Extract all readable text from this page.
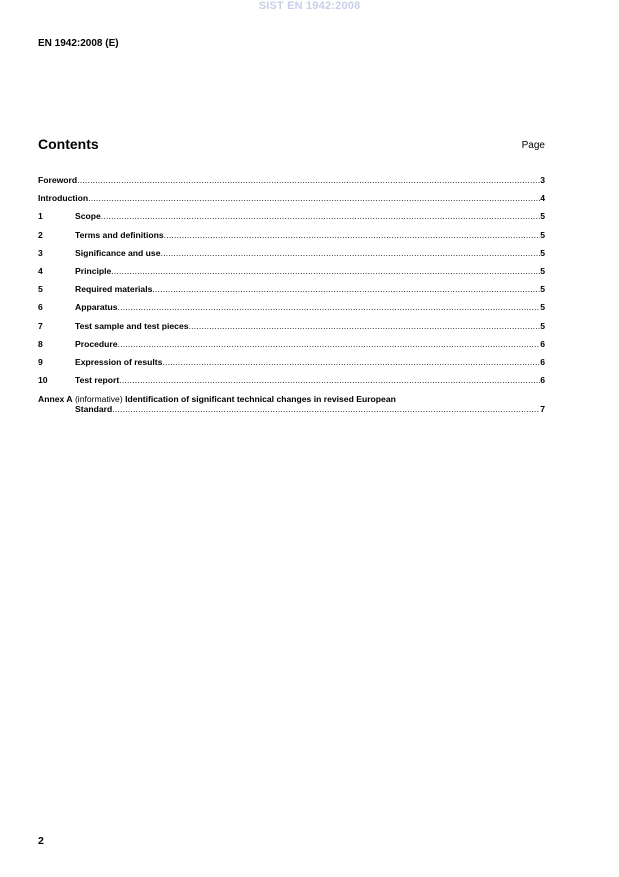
SIST EN 1942:2008
EN 1942:2008 (E)
Contents	Page
Foreword .....	3
Introduction .....	4
1	Scope .....	5
2	Terms and definitions .....	5
3	Significance and use .....	5
4	Principle .....	5
5	Required materials .....	5
6	Apparatus .....	5
7	Test sample and test pieces .....	5
8	Procedure .....	6
9	Expression of results .....	6
10	Test report .....	6
Annex A (informative) Identification of significant technical changes in revised European
Standard .....	7
2
